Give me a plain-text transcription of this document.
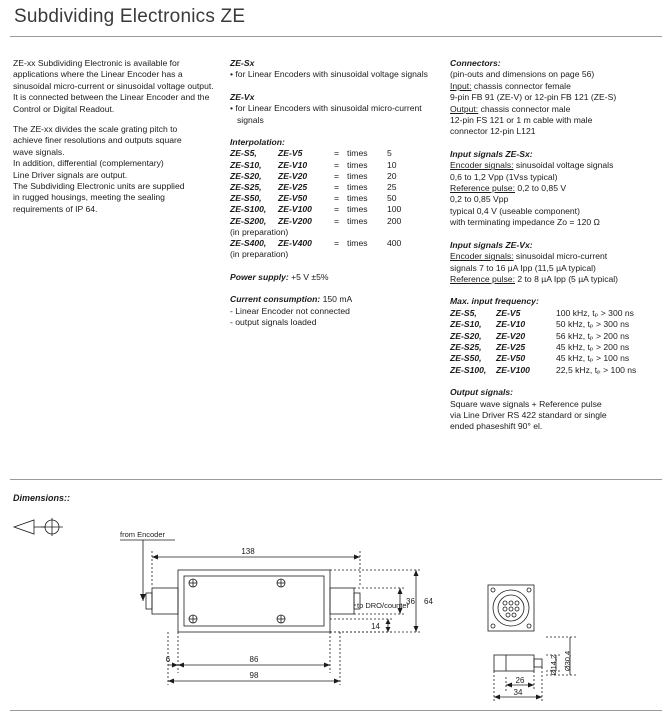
Subdividing Electronics ZE

ZE-xx Subdividing Electronic is available for applications where the Linear Encoder has a sinusoidal micro-current or sinusoidal voltage output. It is connected between the Linear Encoder and the Control or Digital Readout.

The ZE-xx divides the scale grating pitch to

achieve finer resolutions and outputs square

wave signals.

In addition, differential (complementary)

Line Driver signals are output.

The Subdividing Electronic units are supplied

in rugged housings, meeting the sealing

requirements of IP 64.

ZE-Sx

• for Linear Encoders with sinusoidal voltage signals

ZE-Vx

• for Linear Encoders with sinusoidal micro-current signals

Interpolation:

ZE-S5,	ZE-V5	=	times	5
ZE-S10,	ZE-V10	=	times	10
ZE-S20,	ZE-V20	=	times	20
ZE-S25,	ZE-V25	=	times	25
ZE-S50,	ZE-V50	=	times	50
ZE-S100,	ZE-V100	=	times	100
ZE-S200,	ZE-V200	=	times	200

(in preparation)

ZE-S400,	ZE-V400	=	times	400

(in preparation)

Power supply: +5 V ±5%

Current consumption: 150 mA

- Linear Encoder not connected

- output signals loaded

Connectors:

(pin-outs and dimensions on page 56)

Input: chassis connector female

9-pin FB 91 (ZE-V) or 12-pin FB 121 (ZE-S)

Output: chassis connector male

12-pin FS 121 or 1 m cable with male

connector 12-pin L121

Input signals ZE-Sx:

Encoder signals: sinusoidal voltage signals

0,6 to 1,2 Vpp (1Vss typical)

Reference pulse: 0,2 to 0,85 V

0,2 to 0,85 Vpp

typical 0,4 V (useable component)

with terminating impedance Zo = 120 Ω

Input signals ZE-Vx:

Encoder signals: sinusoidal micro-current

signals 7 to 16 µA Ipp (11,5 µA typical)

Reference pulse: 2 to 8 µA Ipp (5 µA typical)

Max. input frequency:

ZE-S5,	ZE-V5	100 kHz, tₚ > 300 ns
ZE-S10,	ZE-V10	50 kHz, tₚ > 300 ns
ZE-S20,	ZE-V20	56 kHz, tₚ > 200 ns
ZE-S25,	ZE-V25	45 kHz, tₚ > 200 ns
ZE-S50,	ZE-V50	45 kHz, tₚ > 100 ns
ZE-S100,	ZE-V100	22,5 kHz, tₚ > 100 ns

Output signals:

Square wave signals + Reference pulse

via Line Driver RS 422 standard or single

ended phaseshift 90° el.

Dimensions::
from Encoder
to DRO/counter
138
86
98
6
64
36
14
26
34
Ø14,2 Ø30,4
